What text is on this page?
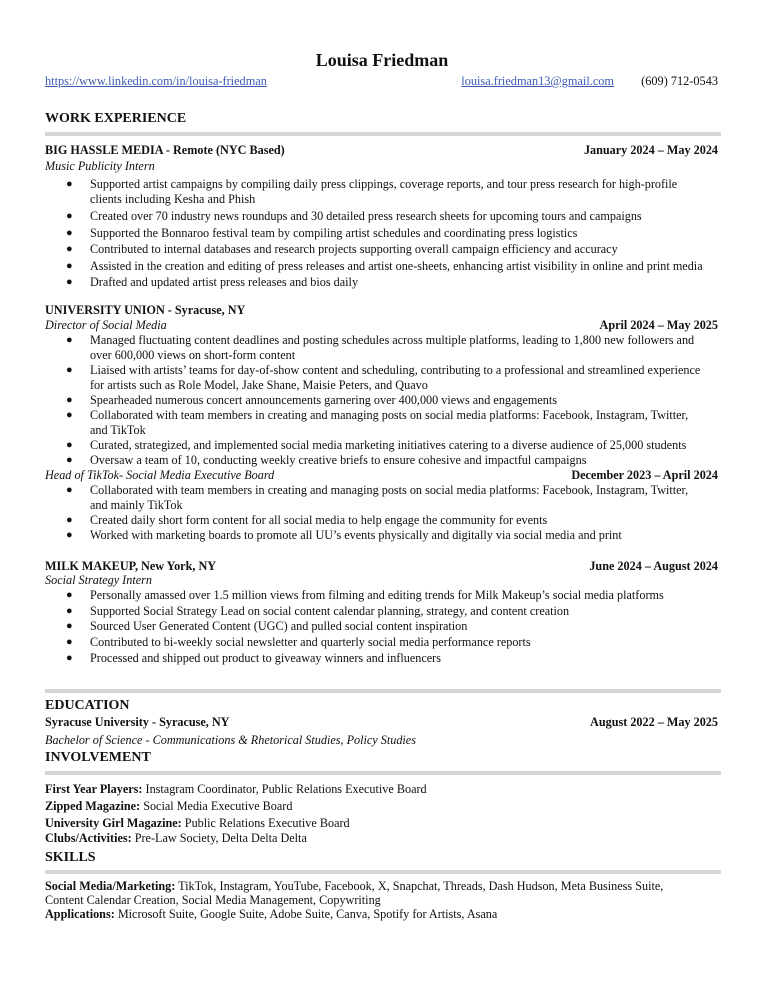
Louisa Friedman
https://www.linkedin.com/in/louisa-friedman	louisa.friedman13@gmail.com (609) 712-0543
WORK EXPERIENCE
BIG HASSLE MEDIA - Remote (NYC Based)	January 2024 – May 2024
Music Publicity Intern
● Supported artist campaigns by compiling daily press clippings, coverage reports, and tour press research for high-profile
clients including Kesha and Phish
● Created over 70 industry news roundups and 30 detailed press research sheets for upcoming tours and campaigns
● Supported the Bonnaroo festival team by compiling artist schedules and coordinating press logistics
● Contributed to internal databases and research projects supporting overall campaign efficiency and accuracy
● Assisted in the creation and editing of press releases and artist one-sheets, enhancing artist visibility in online and print media
● Drafted and updated artist press releases and bios daily
UNIVERSITY UNION - Syracuse, NY
Director of Social Media	April 2024 – May 2025
● Managed fluctuating content deadlines and posting schedules across multiple platforms, leading to 1,800 new followers and
over 600,000 views on short-form content
● Liaised with artists’ teams for day-of-show content and scheduling, contributing to a professional and streamlined experience
for artists such as Role Model, Jake Shane, Maisie Peters, and Quavo
● Spearheaded numerous concert announcements garnering over 400,000 views and engagements
● Collaborated with team members in creating and managing posts on social media platforms: Facebook, Instagram, Twitter,
and TikTok
● Curated, strategized, and implemented social media marketing initiatives catering to a diverse audience of 25,000 students
● Oversaw a team of 10, conducting weekly creative briefs to ensure cohesive and impactful campaigns
Head of TikTok- Social Media Executive Board	December 2023 – April 2024
● Collaborated with team members in creating and managing posts on social media platforms: Facebook, Instagram, Twitter,
and mainly TikTok
● Created daily short form content for all social media to help engage the community for events
● Worked with marketing boards to promote all UU’s events physically and digitally via social media and print
MILK MAKEUP, New York, NY	June 2024 – August 2024
Social Strategy Intern
● Personally amassed over 1.5 million views from filming and editing trends for Milk Makeup’s social media platforms
● Supported Social Strategy Lead on social content calendar planning, strategy, and content creation
● Sourced User Generated Content (UGC) and pulled social content inspiration
● Contributed to bi-weekly social newsletter and quarterly social media performance reports
● Processed and shipped out product to giveaway winners and influencers
EDUCATION
Syracuse University - Syracuse, NY	August 2022 – May 2025
Bachelor of Science - Communications & Rhetorical Studies, Policy Studies
INVOLVEMENT
First Year Players: Instagram Coordinator, Public Relations Executive Board
Zipped Magazine: Social Media Executive Board
University Girl Magazine: Public Relations Executive Board
Clubs/Activities: Pre-Law Society, Delta Delta Delta
SKILLS
Social Media/Marketing: TikTok, Instagram, YouTube, Facebook, X, Snapchat, Threads, Dash Hudson, Meta Business Suite,
Content Calendar Creation, Social Media Management, Copywriting
Applications: Microsoft Suite, Google Suite, Adobe Suite, Canva, Spotify for Artists, Asana
